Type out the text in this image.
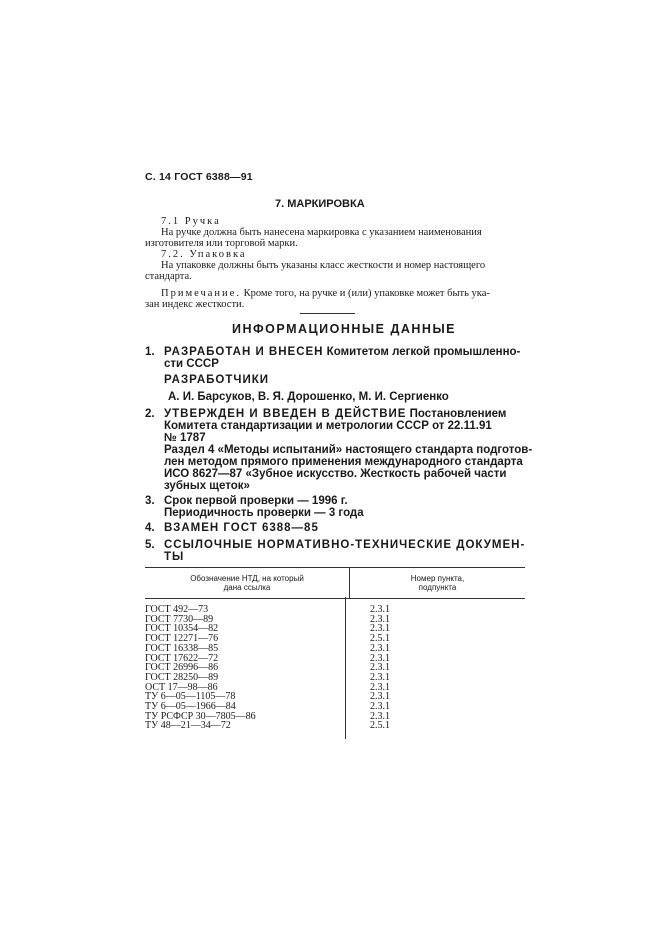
С. 14 ГОСТ 6388—91
7. МАРКИРОВКА
7.1 Ручка
На ручке должна быть нанесена маркировка с указанием наименования
изготовителя или торговой марки.
7.2. Упаковка
На упаковке должны быть указаны класс жесткости и номер настоящего
стандарта.
Примечание. Кроме того, на ручке и (или) упаковке может быть ука-
зан индекс жесткости.
ИНФОРМАЦИОННЫЕ ДАННЫЕ
1. РАЗРАБОТАН И ВНЕСЕН Комитетом легкой промышленно-
сти СССР
РАЗРАБОТЧИКИ
А. И. Барсуков, В. Я. Дорошенко, М. И. Сергиенко
2. УТВЕРЖДЕН И ВВЕДЕН В ДЕЙСТВИЕ Постановлением
Комитета стандартизации и метрологии СССР от 22.11.91
№ 1787
Раздел 4 «Методы испытаний» настоящего стандарта подготов-
лен методом прямого применения международного стандарта
ИСО 8627—87 «Зубное искусство. Жесткость рабочей части
зубных щеток»
3. Срок первой проверки — 1996 г.
Периодичность проверки — 3 года
4. ВЗАМЕН ГОСТ 6388—85
5. ССЫЛОЧНЫЕ НОРМАТИВНО-ТЕХНИЧЕСКИЕ ДОКУМЕН-
ТЫ
Обозначение НТД, на который
дана ссылка	Номер пункта,
подпункта
ГОСТ 492—73	2.3.1
ГОСТ 7730—89	2.3.1
ГОСТ 10354—82	2.3.1
ГОСТ 12271—76	2.5.1
ГОСТ 16338—85	2.3.1
ГОСТ 17622—72	2.3.1
ГОСТ 26996—86	2.3.1
ГОСТ 28250—89	2.3.1
ОСТ 17—98—86	2.3.1
ТУ 6—05—1105—78	2.3.1
ТУ 6—05—1966—84	2.3.1
ТУ РСФСР 30—7805—86	2.3.1
ТУ 48—21—34—72	2.5.1
